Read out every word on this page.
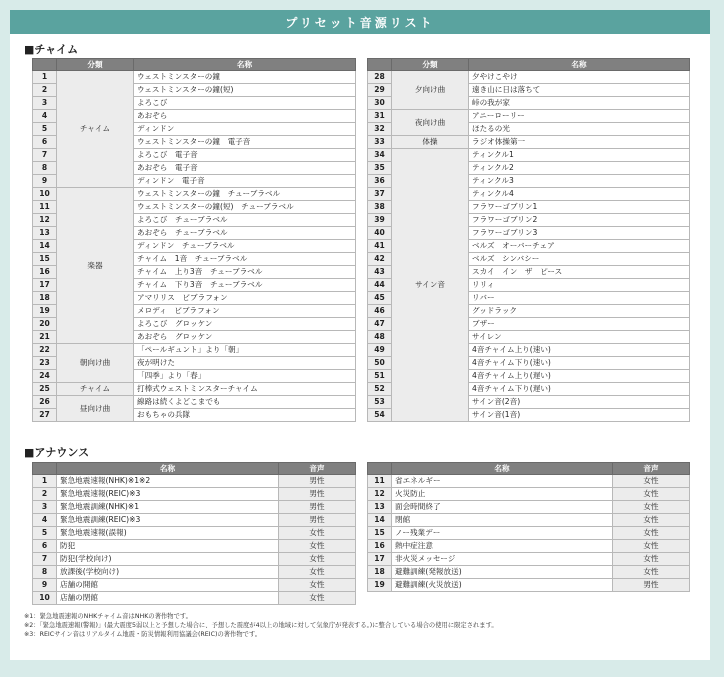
プリセット音源リスト
■チャイム
	分類	名称
1	チャイム	ウェストミンスターの鐘
2		ウェストミンスターの鐘(短)
3		よろこび
4		あおぞら
5		ディンドン
6		ウェストミンスターの鐘　電子音
7		よろこび　電子音
8		あおぞら　電子音
9		ディンドン　電子音
10	楽器	ウェストミンスターの鐘　チューブラベル
11		ウェストミンスターの鐘(短)　チューブラベル
12		よろこび　チューブラベル
13		あおぞら　チューブラベル
14		ディンドン　チューブラベル
15		チャイム　1音　チューブラベル
16		チャイム　上り3音　チューブラベル
17		チャイム　下り3音　チューブラベル
18		アマリリス　ビブラフォン
19		メロディ　ビブラフォン
20		よろこび　グロッケン
21		あおぞら　グロッケン
22	朝向け曲	「ペールギュント」より「朝」
23		夜が明けた
24		「四季」より「春」
25	チャイム	打棒式ウェストミンスターチャイム
26	昼向け曲	線路は続くよどこまでも
27		おもちゃの兵隊
	分類	名称
28	夕向け曲	夕やけこやけ
29		遠き山に日は落ちて
30		峠の我が家
31	夜向け曲	アニーローリー
32		ほたるの光
33	体操	ラジオ体操第一
34	サイン音	ティンクル1
35		ティンクル2
36		ティンクル3
37		ティンクル4
38		フラワーゴブリン1
39		フラワーゴブリン2
40		フラワーゴブリン3
41		ベルズ　オーバーチェア
42		ベルズ　シンバシー
43		スカイ　イン　ザ　ピース
44		リリィ
45		リバー
46		グッドラック
47		ブザー
48		サイレン
49		4音チャイム上り(速い)
50		4音チャイム下り(速い)
51		4音チャイム上り(遅い)
52		4音チャイム下り(遅い)
53		サイン音(2音)
54		サイン音(1音)
■アナウンス
	名称	音声
1	緊急地震速報(NHK)※1※2	男性
2	緊急地震速報(REIC)※3	男性
3	緊急地震訓練(NHK)※1	男性
4	緊急地震訓練(REIC)※3	男性
5	緊急地震速報(誤報)	女性
6	防犯	女性
7	防犯(学校向け)	女性
8	放課後(学校向け)	女性
9	店舗の開館	女性
10	店舗の閉館	女性
	名称	音声
11	省エネルギー	女性
12	火災防止	女性
13	面会時間終了	女性
14	閉館	女性
15	ノー残業デー	女性
16	熱中症注意	女性
17	非火災メッセージ	女性
18	避難訓練(発報放送)	女性
19	避難訓練(火災放送)	男性
※1：緊急地震速報のNHKチャイム音はNHKの著作物です。
※2：「緊急地震速報(警報)」(最大震度5弱以上と予想した場合に、予想した震度が4以上の地域に対して気象庁が発表する。)に整合している場合の使用に限定されます。
※3：REICサイン音はリアルタイム地震・防災情報利用協議会(REIC)の著作物です。
